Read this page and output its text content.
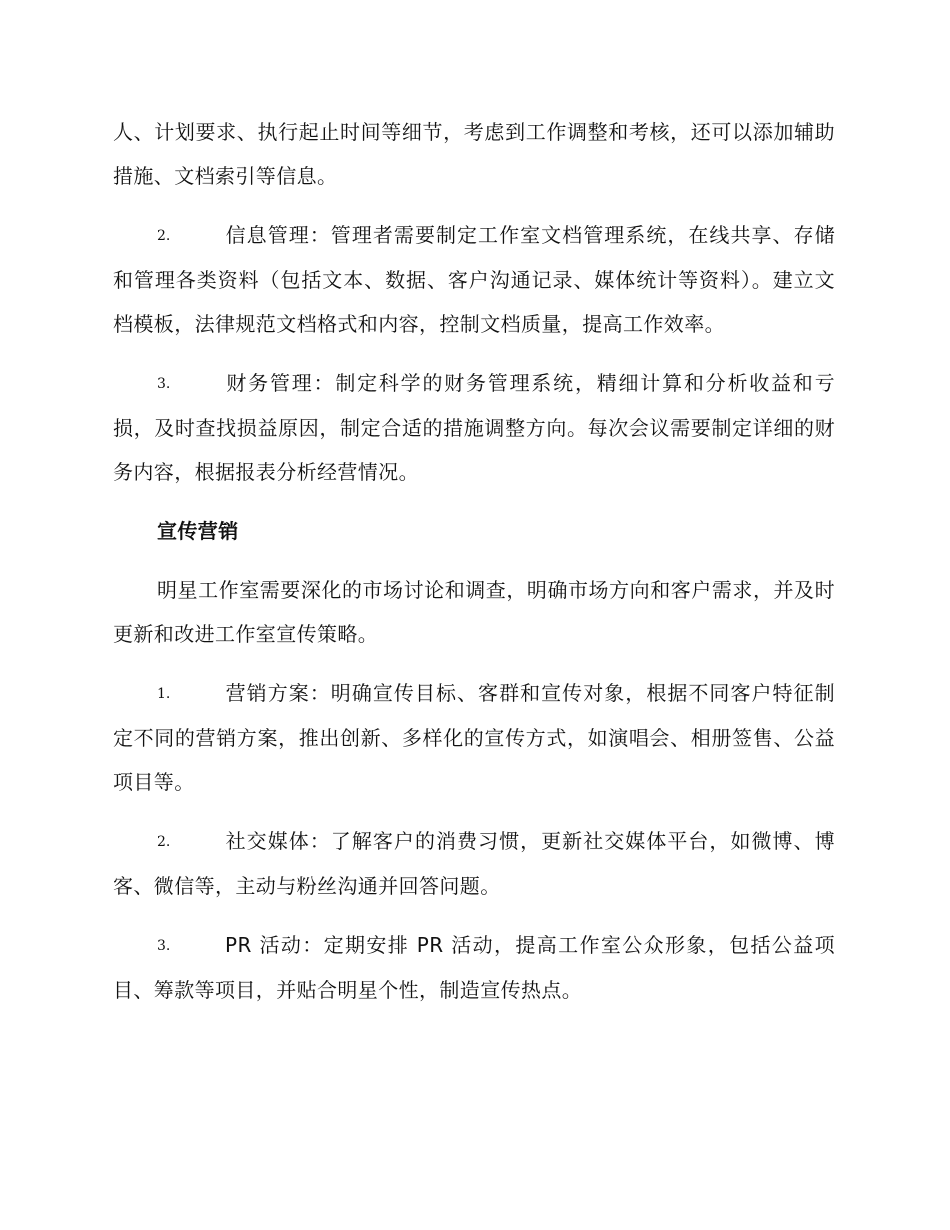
人、计划要求、执行起止时间等细节，考虑到工作调整和考核，还可以添加辅助措施、文档索引等信息。

2.	信息管理：管理者需要制定工作室文档管理系统，在线共享、存储和管理各类资料（包括文本、数据、客户沟通记录、媒体统计等资料）。建立文档模板，法律规范文档格式和内容，控制文档质量，提高工作效率。

3.	财务管理：制定科学的财务管理系统，精细计算和分析收益和亏损，及时查找损益原因，制定合适的措施调整方向。每次会议需要制定详细的财务内容，根据报表分析经营情况。

宣传营销

明星工作室需要深化的市场讨论和调查，明确市场方向和客户需求，并及时更新和改进工作室宣传策略。

1.	营销方案：明确宣传目标、客群和宣传对象，根据不同客户特征制定不同的营销方案，推出创新、多样化的宣传方式，如演唱会、相册签售、公益项目等。

2.	社交媒体：了解客户的消费习惯，更新社交媒体平台，如微博、博客、微信等，主动与粉丝沟通并回答问题。

3.	PR 活动：定期安排 PR 活动，提高工作室公众形象，包括公益项目、筹款等项目，并贴合明星个性，制造宣传热点。
